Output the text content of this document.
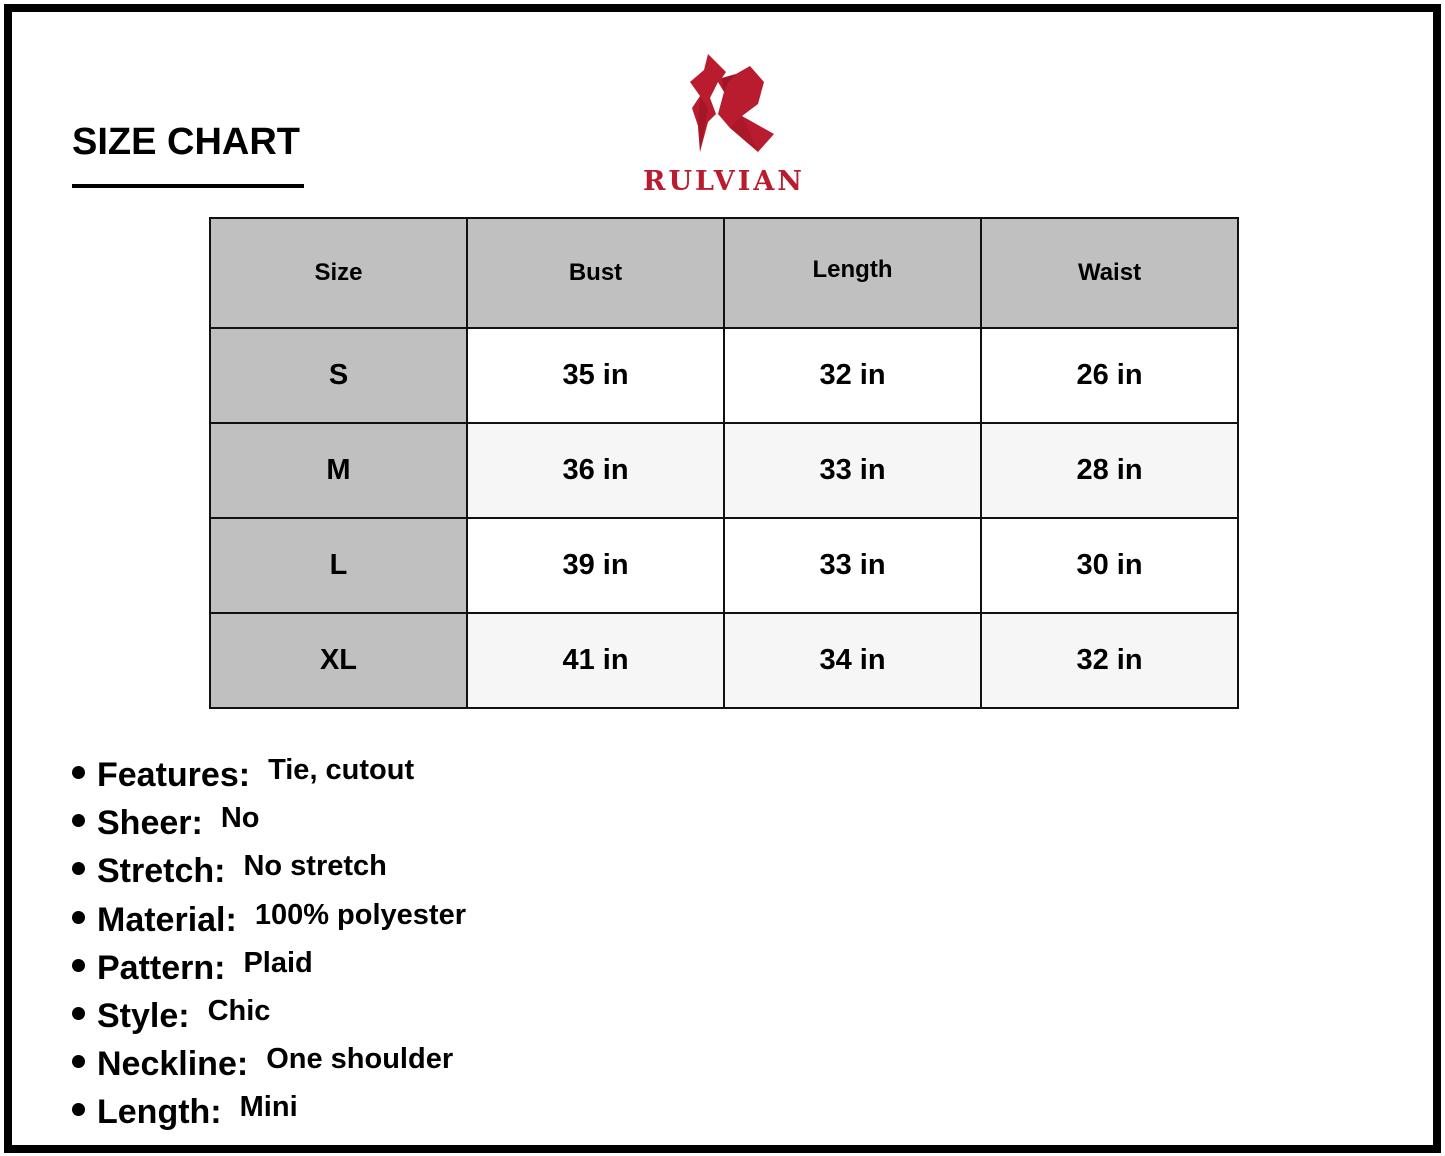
SIZE CHART
RULVIAN
Size	Bust	Length	Waist
S	35 in	32 in	26 in
M	36 in	33 in	28 in
L	39 in	33 in	30 in
XL	41 in	34 in	32 in
Features: Tie, cutout
Sheer: No
Stretch: No stretch
Material: 100% polyester
Pattern: Plaid
Style: Chic
Neckline: One shoulder
Length: Mini
